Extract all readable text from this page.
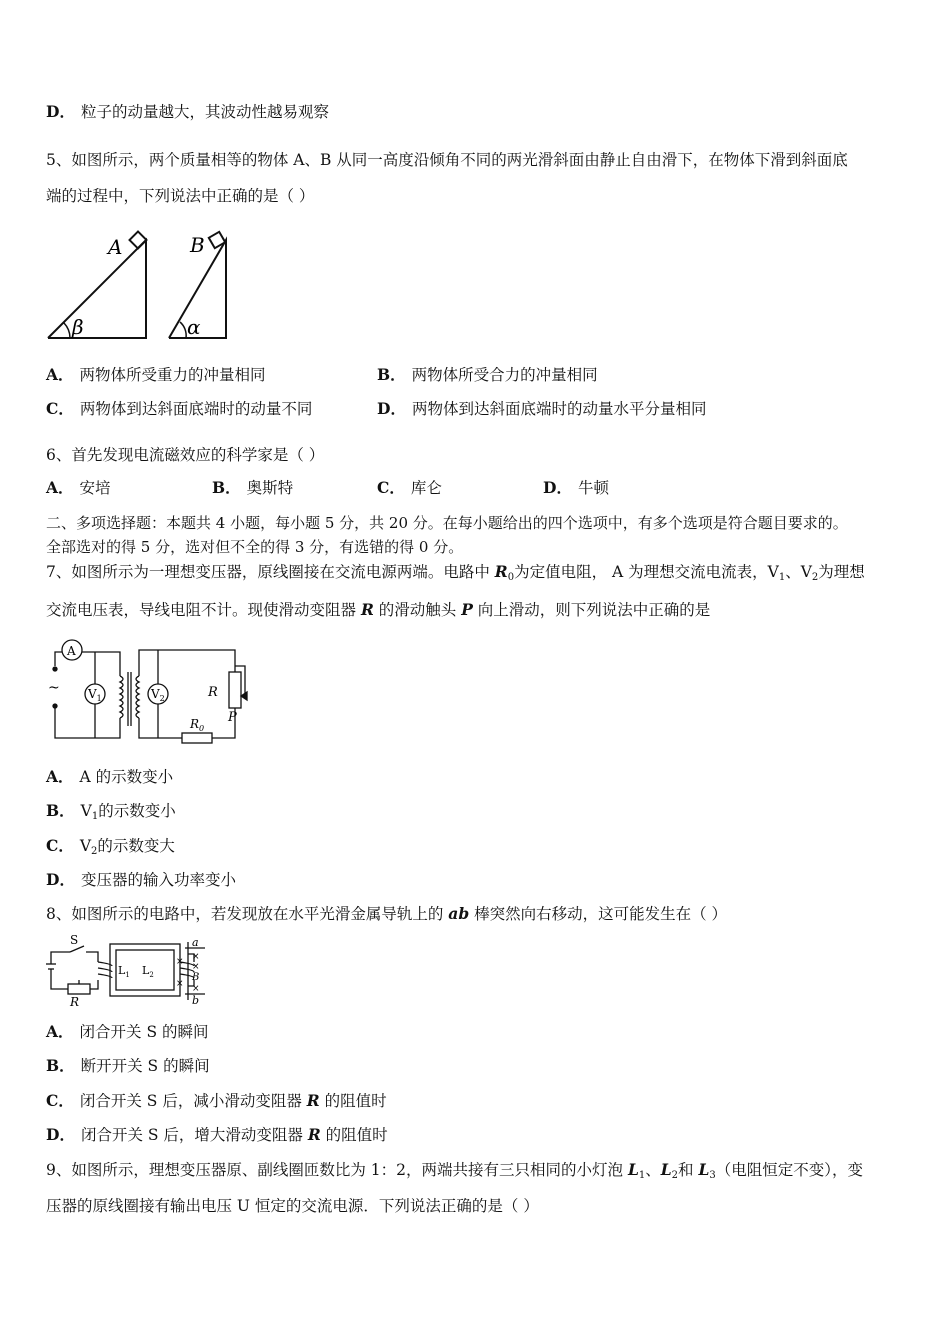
D． 粒子的动量越大，其波动性越易观察
5、如图所示，两个质量相等的物体 A、B 从同一高度沿倾角不同的两光滑斜面由静止自由滑下，在物体下滑到斜面底
端的过程中，下列说法中正确的是（ ）
A	B
β	α
A． 两物体所受重力的冲量相同	B． 两物体所受合力的冲量相同
C． 两物体到达斜面底端时的动量不同	D． 两物体到达斜面底端时的动量水平分量相同
6、首先发现电流磁效应的科学家是（ ）
A． 安培	B． 奥斯特	C． 库仑	D． 牛顿
二、多项选择题：本题共 4 小题，每小题 5 分，共 20 分。在每小题给出的四个选项中，有多个选项是符合题目要求的。
全部选对的得 5 分，选对但不全的得 3 分，有选错的得 0 分。
7、如图所示为一理想变压器，原线圈接在交流电源两端。电路中 $R_0$为定值电阻， A 为理想交流电流表，$V_1$、$V_2$为理想
交流电压表，导线电阻不计。现使滑动变阻器 R 的滑动触头 P 向上滑动，则下列说法中正确的是
A
$V_1$	$V_2$	R
P
$R_0$
~
A． A 的示数变小
B． $V_1$的示数变小
C． $V_2$的示数变大
D． 变压器的输入功率变小
8、如图所示的电路中，若发现放在水平光滑金属导轨上的 ab 棒突然向右移动，这可能发生在（ ）
S
R
$L_1$ $L_2$
a
b
B
×
×
×
×
×
A． 闭合开关 S 的瞬间
B． 断开开关 S 的瞬间
C． 闭合开关 S 后，减小滑动变阻器 R 的阻值时
D． 闭合开关 S 后，增大滑动变阻器 R 的阻值时
9、如图所示，理想变压器原、副线圈匝数比为 1：2，两端共接有三只相同的小灯泡 $L_1$、$L_2$和 $L_3$（电阻恒定不变），变
压器的原线圈接有输出电压 U 恒定的交流电源．下列说法正确的是（ ）
